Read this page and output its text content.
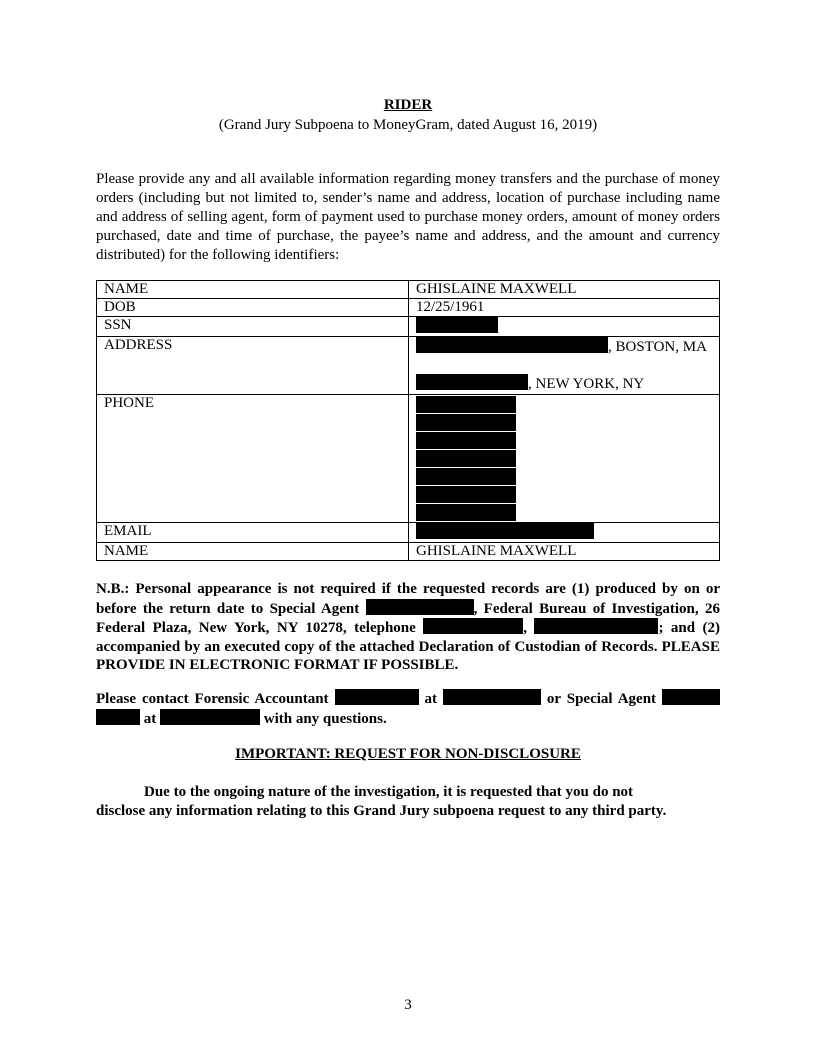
RIDER
(Grand Jury Subpoena to MoneyGram, dated August 16, 2019)
Please provide any and all available information regarding money transfers and the purchase of money orders (including but not limited to, sender’s name and address, location of purchase including name and address of selling agent, form of payment used to purchase money orders, amount of money orders purchased, date and time of purchase, the payee’s name and address, and the amount and currency distributed) for the following identifiers:
NAME	GHISLAINE MAXWELL
DOB	12/25/1961
SSN	
ADDRESS	, BOSTON, MA
, NEW YORK, NY

PHONE	

EMAIL	
NAME	GHISLAINE MAXWELL
N.B.: Personal appearance is not required if the requested records are (1) produced by on or before the return date to Special Agent	, Federal Bureau of Investigation, 26 Federal Plaza, New York, NY 10278, telephone	,	; and (2) accompanied by an executed copy of the attached Declaration of Custodian of Records. PLEASE PROVIDE IN ELECTRONIC FORMAT IF POSSIBLE.
Please contact Forensic Accountant	at	or Special Agent   at	with any questions.
IMPORTANT: REQUEST FOR NON-DISCLOSURE
Due to the ongoing nature of the investigation, it is requested that you do not
disclose any information relating to this Grand Jury subpoena request to any third party.
3
